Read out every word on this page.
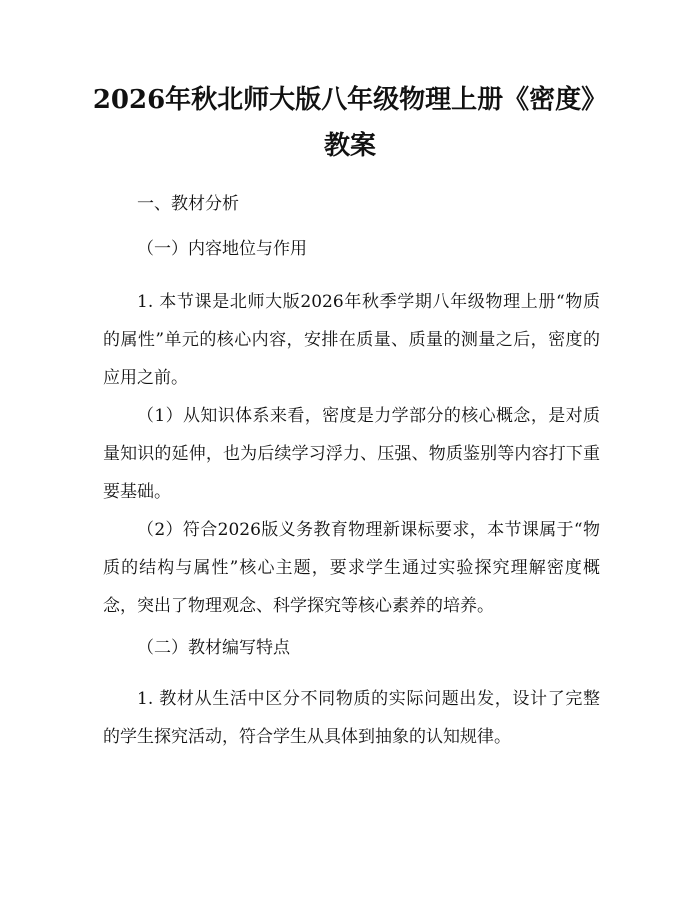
2026年秋北师大版八年级物理上册《密度》
教案
一、教材分析
（一）内容地位与作用
1. 本节课是北师大版2026年秋季学期八年级物理上册“物质的属性”单元的核心内容，安排在质量、质量的测量之后，密度的应用之前。
（1）从知识体系来看，密度是力学部分的核心概念，是对质量知识的延伸，也为后续学习浮力、压强、物质鉴别等内容打下重要基础。
（2）符合2026版义务教育物理新课标要求，本节课属于“物质的结构与属性”核心主题，要求学生通过实验探究理解密度概念，突出了物理观念、科学探究等核心素养的培养。
（二）教材编写特点
1. 教材从生活中区分不同物质的实际问题出发，设计了完整的学生探究活动，符合学生从具体到抽象的认知规律。
